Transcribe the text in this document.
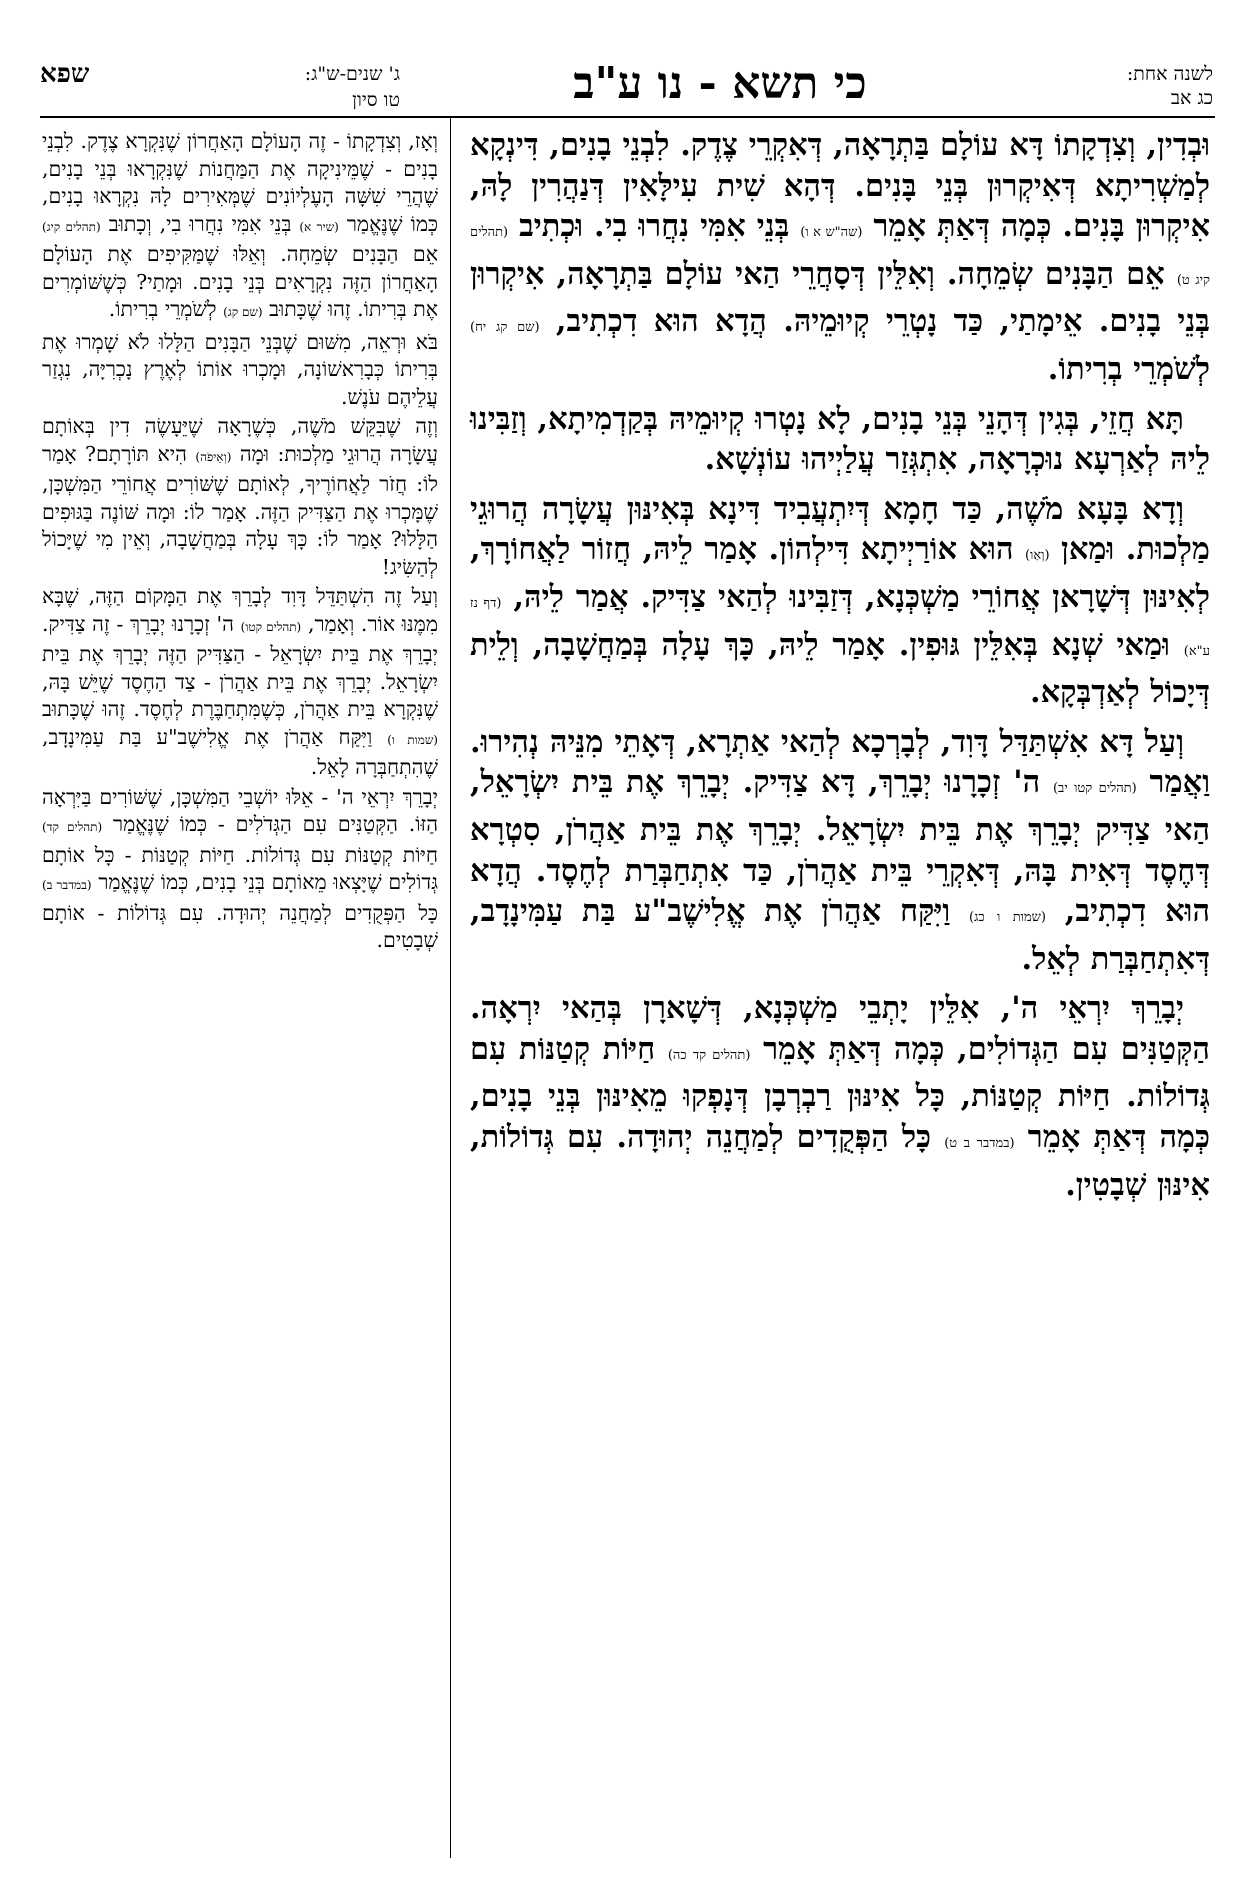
לשנה אחת:
כג אב
כי תשא - נו ע"ב
שפא	ג' שנים-ש"ג:
טו סיון

וּבְדִין, וְצִדְקָתוֹ דָּא עוֹלָם בַּתְרָאָה, דְּאִקְרֵי צֶדֶק. לִבְנֵי בָנִים, דִּינְקָא לְמַשְׁרִיתָא דְּאִיקְרוּן בְּנֵי בָּנִים. דְּהָא שִׁית עִילָּאִין דְּנַהֲרִין לָהּ, אִיקְרוּן בָּנִים. כְּמָה דְּאַתְּ אָמֵר (שה"ש א ו) בְּנֵי אִמִּי נִחֲרוּ בִי. וּכְתִיב (תהלים קיג ט) אֵם הַבָּנִים שְׂמֵחָה. וְאִלֵּין דְּסָחֲרֵי הַאי עוֹלָם בַּתְרָאָה, אִיקְרוּן בְּנֵי בָנִים. אֵימָתַי, כַּד נָטְרֵי קְיוּמֵיהּ. הֲדָא הוּא דִכְתִיב, (שם קג יח) לְשֹׁמְרֵי בְרִיתוֹ.

תָּא חֲזֵי, בְּגִין דְּהָנֵי בְּנֵי בָנִים, לָא נָטְרוּ קְיוּמֵיהּ בְּקַדְמִיתָא, וְזַבִּינוּ לֵיהּ לְאַרְעָא נוּכְרָאָה, אִתְגְּזַר עֲלַיְיהוּ עוֹנְשָׁא.

וְדָא בָּעָא מֹשֶׁה, כַּד חָמָא דְּיִתְעֲבִיד דִּינָא בְּאִינּוּן עֲשָׂרָה הֲרוּגֵי מַלְכוּת. וּמַאן (וְאַו) הוּא אוֹרַיְיתָא דִּילְהוֹן. אָמַר לֵיהּ, חֲזוֹר לַאֲחוֹרָךְ, לְאִינּוּן דְּשָׁרָאן אֲחוֹרֵי מַשְׁכְּנָא, דְּזַבִּינוּ לְהַאי צַדִּיק. אֲמַר לֵיהּ, (דף נז ע"א) וּמַאי שְׁנָא בְּאִלֵּין גּוּפִין. אָמַר לֵיהּ, כָּךְ עָלָה בְּמַחֲשָׁבָה, וְלֵית דְּיָכוֹל לְאַדְבְּקָא.

וְעַל דָּא אִשְׁתַּדַּל דָּוִד, לְבָרְכָא לְהַאי אַתְרָא, דְּאָתֵי מִנֵּיהּ נְהִירוּ. וַאֲמַר (תהלים קטו יב) ה' זְכָרָנוּ יְבָרֵךְ, דָּא צַדִּיק. יְבָרֵךְ אֶת בֵּית יִשְׂרָאֵל, הַאי צַדִּיק יְבָרֵךְ אֶת בֵּית יִשְׂרָאֵל. יְבָרֵךְ אֶת בֵּית אַהֲרֹן, סִטְרָא דְּחֶסֶד דְּאִית בָּהּ, דְּאִקְרֵי בֵּית אַהֲרֹן, כַּד אִתְחַבְּרַת לְחֶסֶד. הֲדָא הוּא דִכְתִיב, (שמות ו כג) וַיִּקַּח אַהֲרֹן אֶת אֱלִישֶׁב"ע בַּת עַמִּינָדָב, דְּאִתְחַבְּרַת לְאֵל.

יְבָרֵךְ יִרְאֵי ה', אִלֵּין יָתְבֵי מַשְׁכְּנָא, דְּשָׁארָן בְּהַאי יִרְאָה. הַקְּטַנִּים עִם הַגְּדוֹלִים, כְּמָה דְּאַתְּ אָמֵר (תהלים קד כה) חַיּוֹת קְטַנּוֹת עִם גְּדוֹלוֹת. חַיּוֹת קְטַנּוֹת, כָּל אִינּוּן רַבְרְבָן דְּנָפְקוּ מֵאִינּוּן בְּנֵי בָנִים, כְּמָה דְּאַתְּ אָמֵר (במדבר ב ט) כָּל הַפְּקֻדִים לְמַחֲנֵה יְהוּדָה. עִם גְּדוֹלוֹת, אִינּוּן שְׁבָטִין.

וְאָז, וְצִדְקָתוֹ - זֶה הָעוֹלָם הָאַחֲרוֹן שֶׁנִּקְרָא צֶדֶק. לִבְנֵי בָנִים - שֶׁמֵּינִיקָה אֶת הַמַּחֲנוֹת שֶׁנִּקְרָאוּ בְּנֵי בָנִים, שֶׁהֲרֵי שִׁשָּׁה הָעֶלְיוֹנִים שֶׁמְּאִירִים לָהּ נִקְרָאוּ בָנִים, כְּמוֹ שֶׁנֶּאֱמַר (שיר א) בְּנֵי אִמִּי נִחֲרוּ בִי, וְכָתוּב (תהלים קיג) אֵם הַבָּנִים שְׂמֵחָה. וְאֵלּוּ שֶׁמַּקִּיפִים אֶת הָעוֹלָם הָאַחֲרוֹן הַזֶּה נִקְרָאִים בְּנֵי בָנִים. וּמָתַי? כְּשֶׁשּׁוֹמְרִים אֶת בְּרִיתוֹ. זֶהוּ שֶׁכָּתוּב (שם קג) לְשֹׁמְרֵי בְרִיתוֹ.

בֹּא וּרְאֵה, מִשּׁוּם שֶׁבְּנֵי הַבָּנִים הַלָּלוּ לֹא שָׁמְרוּ אֶת בְּרִיתוֹ כְּבָרִאשׁוֹנָה, וּמָכְרוּ אוֹתוֹ לְאֶרֶץ נָכְרִיָּה, נִגְזַר עֲלֵיהֶם עֹנֶשׁ.

וְזֶה שֶׁבִּקֵּשׁ מֹשֶׁה, כְּשֶׁרָאָה שֶׁיֵּעָשֶׂה דִין בְּאוֹתָם עֲשָׂרָה הֲרוּגֵי מַלְכוּת: וּמָה (וְאֵיפֹה) הִיא תּוֹרָתָם? אָמַר לוֹ: חֲזֹר לַאֲחוֹרֶיךָ, לְאוֹתָם שֶׁשּׁוֹרִים אֲחוֹרֵי הַמִּשְׁכָּן, שֶׁמָּכְרוּ אֶת הַצַּדִּיק הַזֶּה. אָמַר לוֹ: וּמָה שּׁוֹנֶה בַּגּוּפִים הַלָּלוּ? אָמַר לוֹ: כָּךְ עָלָה בְּמַחֲשָׁבָה, וְאֵין מִי שֶׁיָּכוֹל לְהַשִּׂיג!

וְעַל זֶה הִשְׁתַּדֵּל דָּוִד לְבָרֵךְ אֶת הַמָּקוֹם הַזֶּה, שֶׁבָּא מִמֶּנּוּ אוֹר. וְאָמַר, (תהלים קטו) ה' זְכָרָנוּ יְבָרֵךְ - זֶה צַדִּיק. יְבָרֵךְ אֶת בֵּית יִשְׂרָאֵל - הַצַּדִּיק הַזֶּה יְבָרֵךְ אֶת בֵּית יִשְׂרָאֵל. יְבָרֵךְ אֶת בֵּית אַהֲרֹן - צַד הַחֶסֶד שֶׁיֵּשׁ בָּהּ, שֶׁנִּקְרָא בֵּית אַהֲרֹן, כְּשֶׁמִּתְחַבֶּרֶת לְחֶסֶד. זֶהוּ שֶׁכָּתוּב (שמות ו) וַיִּקַּח אַהֲרֹן אֶת אֱלִישֶׁב"ע בַּת עַמִּינָדָב, שֶׁהִתְחַבְּרָה לָאֵל.

יְבָרֵךְ יִרְאֵי ה' - אֵלּוּ יוֹשְׁבֵי הַמִּשְׁכָּן, שֶׁשּׁוֹרִים בַּיִּרְאָה הַזּוֹ. הַקְּטַנִּים עִם הַגְּדֹלִים - כְּמוֹ שֶׁנֶּאֱמַר (תהלים קד) חַיּוֹת קְטַנּוֹת עִם גְּדוֹלוֹת. חַיּוֹת קְטַנּוֹת - כָּל אוֹתָם גְּדוֹלִים שֶׁיָּצְאוּ מֵאוֹתָם בְּנֵי בָנִים, כְּמוֹ שֶׁנֶּאֱמַר (במדבר ב) כָּל הַפְּקֻדִים לְמַחֲנֵה יְהוּדָה. עִם גְּדוֹלוֹת - אוֹתָם שְׁבָטִים.
